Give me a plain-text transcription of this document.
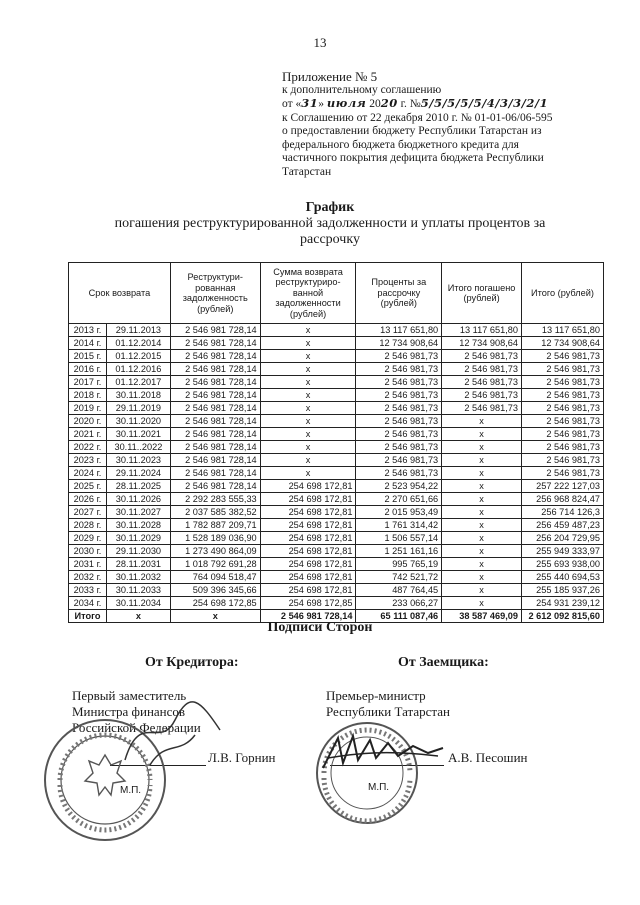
13
Приложение № 5
к дополнительному соглашению
от «31» июля 2020 г. №5/5/5/5/5/4/3/3/2/1
к Соглашению от 22 декабря 2010 г. № 01-01-06/06-595
о предоставлении бюджету Республики Татарстан из
федерального бюджета бюджетного кредита для
частичного покрытия дефицита бюджета Республики
Татарстан
График
погашения реструктурированной задолженности и уплаты процентов за
рассрочку
Срок возврата		Реструктури-рованная задолженность (рублей)	Сумма возврата реструктуриро-ванной задолженности (рублей)	Проценты за рассрочку (рублей)	Итого погашено (рублей)	Итого (рублей)
2013 г.	29.11.2013	2 546 981 728,14	х	13 117 651,80	13 117 651,80	13 117 651,80
2014 г.	01.12.2014	2 546 981 728,14	х	12 734 908,64	12 734 908,64	12 734 908,64
2015 г.	01.12.2015	2 546 981 728,14	х	2 546 981,73	2 546 981,73	2 546 981,73
2016 г.	01.12.2016	2 546 981 728,14	х	2 546 981,73	2 546 981,73	2 546 981,73
2017 г.	01.12.2017	2 546 981 728,14	х	2 546 981,73	2 546 981,73	2 546 981,73
2018 г.	30.11.2018	2 546 981 728,14	х	2 546 981,73	2 546 981,73	2 546 981,73
2019 г.	29.11.2019	2 546 981 728,14	х	2 546 981,73	2 546 981,73	2 546 981,73
2020 г.	30.11.2020	2 546 981 728,14	х	2 546 981,73	х	2 546 981,73
2021 г.	30.11.2021	2 546 981 728,14	х	2 546 981,73	х	2 546 981,73
2022 г.	30.11..2022	2 546 981 728,14	х	2 546 981,73	х	2 546 981,73
2023 г.	30.11.2023	2 546 981 728,14	х	2 546 981,73	х	2 546 981,73
2024 г.	29.11.2024	2 546 981 728,14	х	2 546 981,73	х	2 546 981,73
2025 г.	28.11.2025	2 546 981 728,14	254 698 172,81	2 523 954,22	х	257 222 127,03
2026 г.	30.11.2026	2 292 283 555,33	254 698 172,81	2 270 651,66	х	256 968 824,47
2027 г.	30.11.2027	2 037 585 382,52	254 698 172,81	2 015 953,49	х	256 714 126,3
2028 г.	30.11.2028	1 782 887 209,71	254 698 172,81	1 761 314,42	х	256 459 487,23
2029 г.	30.11.2029	1 528 189 036,90	254 698 172,81	1 506 557,14	х	256 204 729,95
2030 г.	29.11.2030	1 273 490 864,09	254 698 172,81	1 251 161,16	х	255 949 333,97
2031 г.	28.11.2031	1 018 792 691,28	254 698 172,81	995 765,19	х	255 693 938,00
2032 г.	30.11.2032	764 094 518,47	254 698 172,81	742 521,72	х	255 440 694,53
2033 г.	30.11.2033	509 396 345,66	254 698 172,81	487 764,45	х	255 185 937,26
2034 г.	30.11.2034	254 698 172,85	254 698 172,85	233 066,27	х	254 931 239,12
Итого	х	х	2 546 981 728,14	65 111 087,46	38 587 469,09	2 612 092 815,60
Подписи Сторон
От Кредитора:	От Заемщика:
Первый заместитель
Министра финансов
Российской Федерации
Премьер-министр
Республики Татарстан
Л.В. Горнин	А.В. Песошин
М.П.	М.П.
